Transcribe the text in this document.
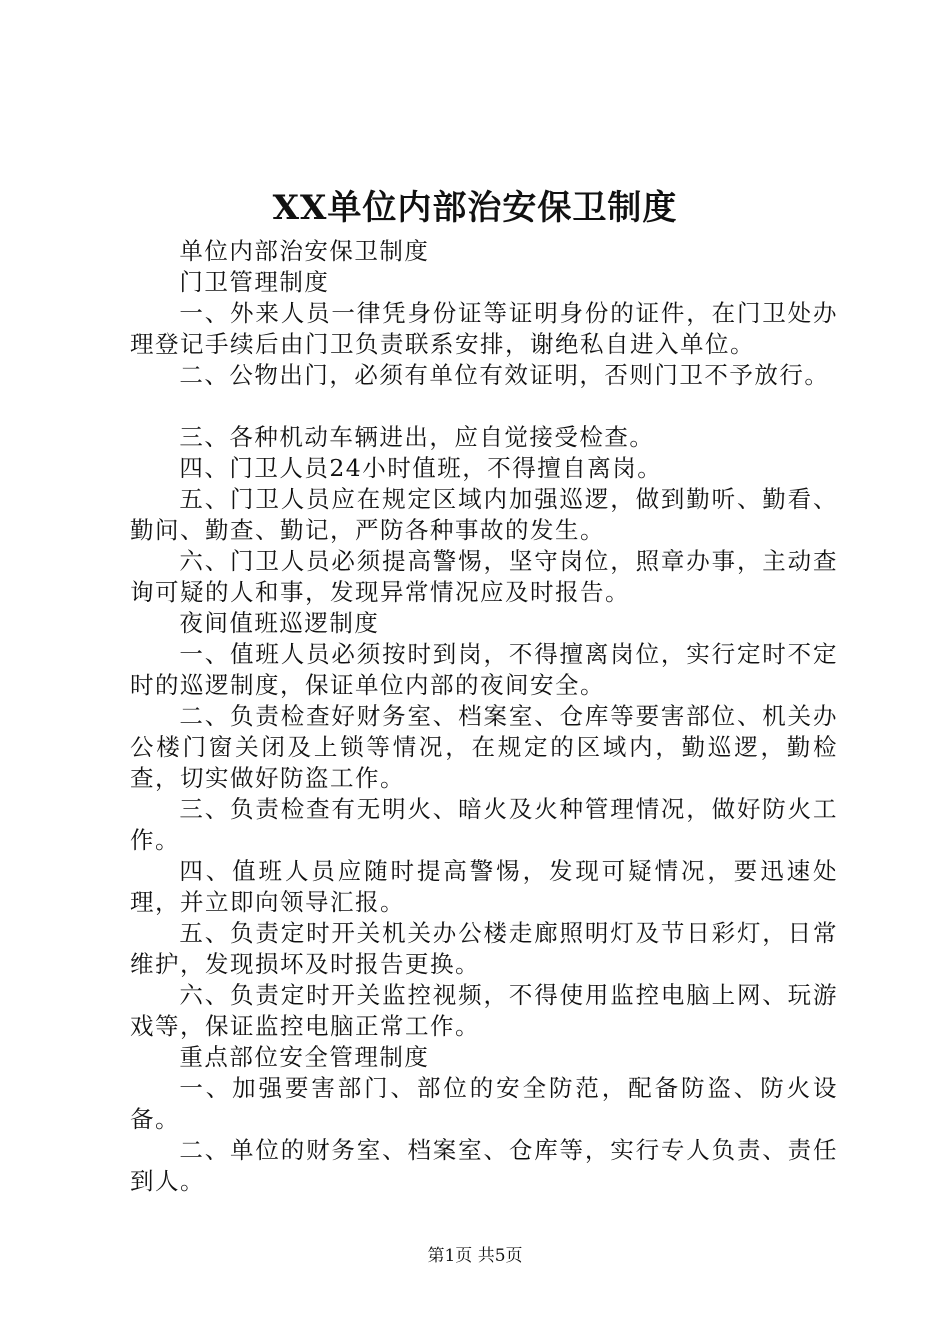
XX单位内部治安保卫制度

单位内部治安保卫制度

门卫管理制度

一、外来人员一律凭身份证等证明身份的证件，在门卫处办理登记手续后由门卫负责联系安排，谢绝私自进入单位。

二、公物出门，必须有单位有效证明，否则门卫不予放行。

三、各种机动车辆进出，应自觉接受检查。

四、门卫人员24小时值班，不得擅自离岗。

五、门卫人员应在规定区域内加强巡逻，做到勤听、勤看、勤问、勤查、勤记，严防各种事故的发生。

六、门卫人员必须提高警惕，坚守岗位，照章办事，主动查询可疑的人和事，发现异常情况应及时报告。

夜间值班巡逻制度

一、值班人员必须按时到岗，不得擅离岗位，实行定时不定时的巡逻制度，保证单位内部的夜间安全。

二、负责检查好财务室、档案室、仓库等要害部位、机关办公楼门窗关闭及上锁等情况，在规定的区域内，勤巡逻，勤检查，切实做好防盗工作。

三、负责检查有无明火、暗火及火种管理情况，做好防火工作。

四、值班人员应随时提高警惕，发现可疑情况，要迅速处理，并立即向领导汇报。

五、负责定时开关机关办公楼走廊照明灯及节日彩灯，日常维护，发现损坏及时报告更换。

六、负责定时开关监控视频，不得使用监控电脑上网、玩游戏等，保证监控电脑正常工作。

重点部位安全管理制度

一、加强要害部门、部位的安全防范，配备防盗、防火设备。

二、单位的财务室、档案室、仓库等，实行专人负责、责任到人。

第1页 共5页
